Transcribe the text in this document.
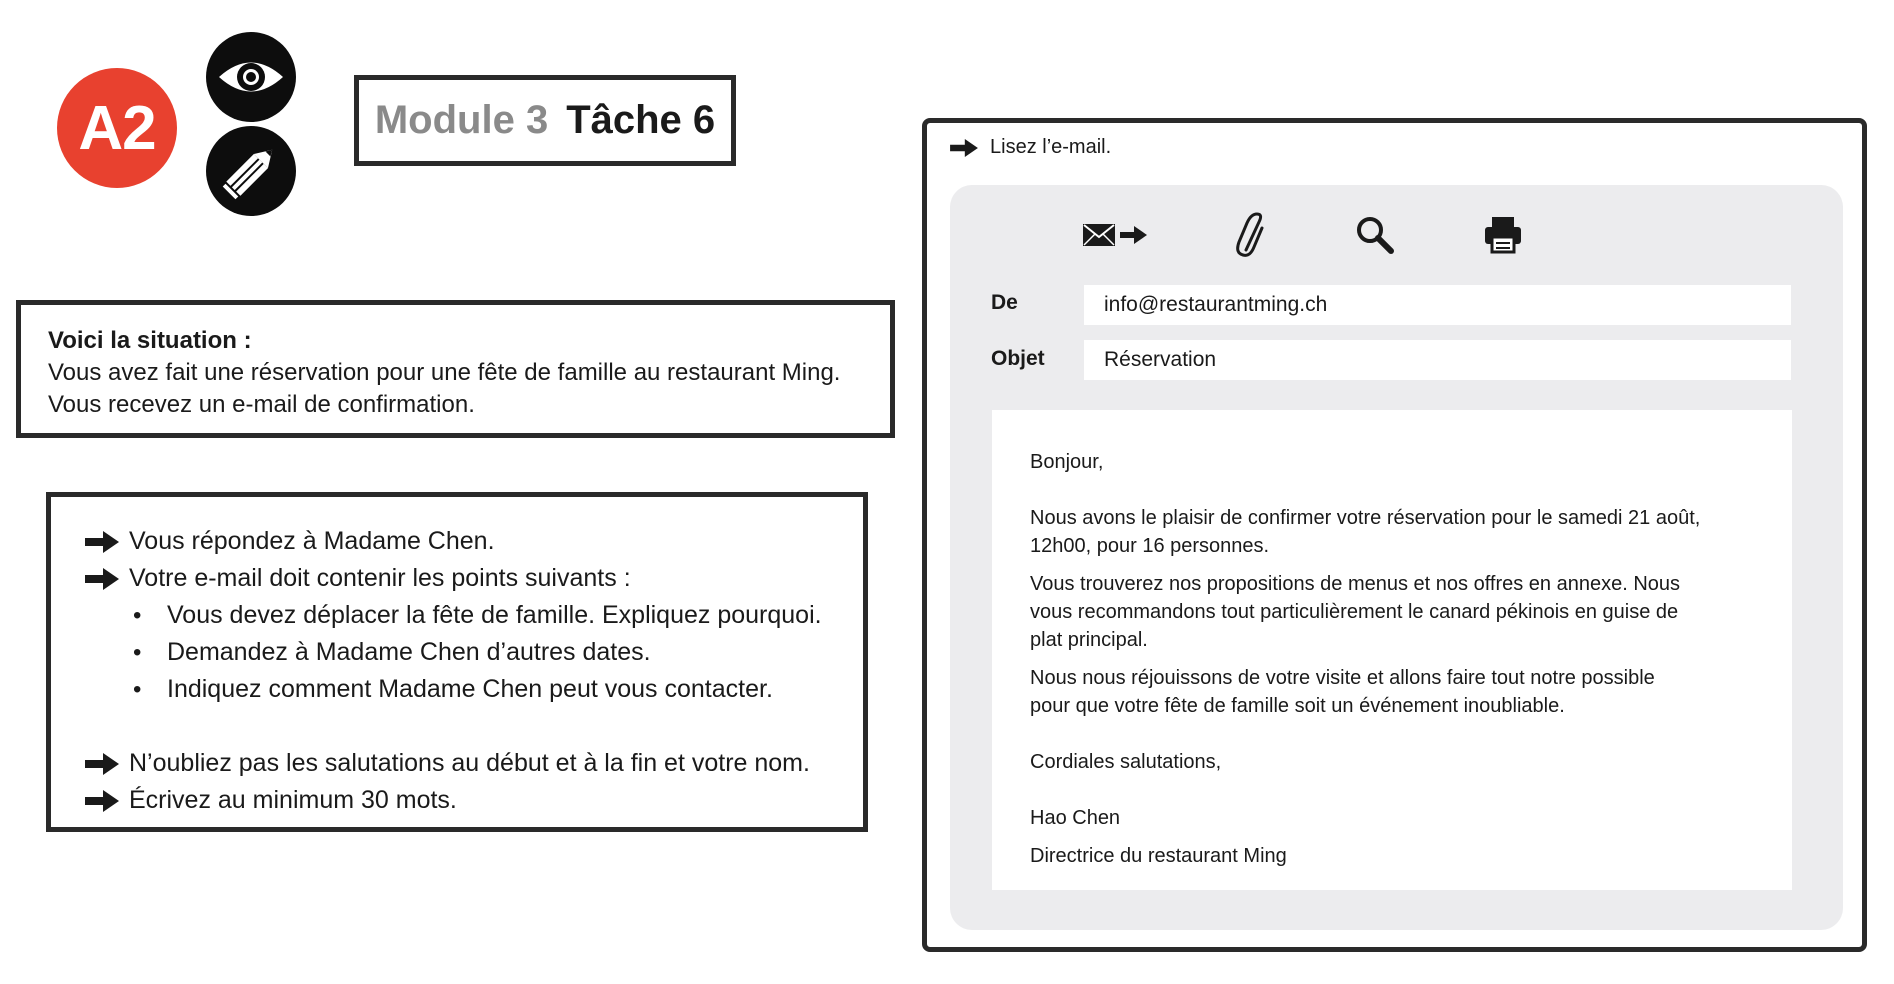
A2	Module 3 Tâche 6
Voici la situation :
Vous avez fait une réservation pour une fête de famille au restaurant Ming.
Vous recevez un e-mail de confirmation.
Vous répondez à Madame Chen.
Votre e-mail doit contenir les points suivants :
•	Vous devez déplacer la fête de famille. Expliquez pourquoi.
•	Demandez à Madame Chen d’autres dates.
•	Indiquez comment Madame Chen peut vous contacter.
N’oubliez pas les salutations au début et à la fin et votre nom.
Écrivez au minimum 30 mots.
Lisez l’e-mail.
De	info@restaurantming.ch
Objet	Réservation

Bonjour,

Nous avons le plaisir de confirmer votre réservation pour le samedi 21 août,

12h00, pour 16 personnes.

Vous trouverez nos propositions de menus et nos offres en annexe. Nous

vous recommandons tout particulièrement le canard pékinois en guise de

plat principal.

Nous nous réjouissons de votre visite et allons faire tout notre possible

pour que votre fête de famille soit un événement inoubliable.

Cordiales salutations,

Hao Chen

Directrice du restaurant Ming
